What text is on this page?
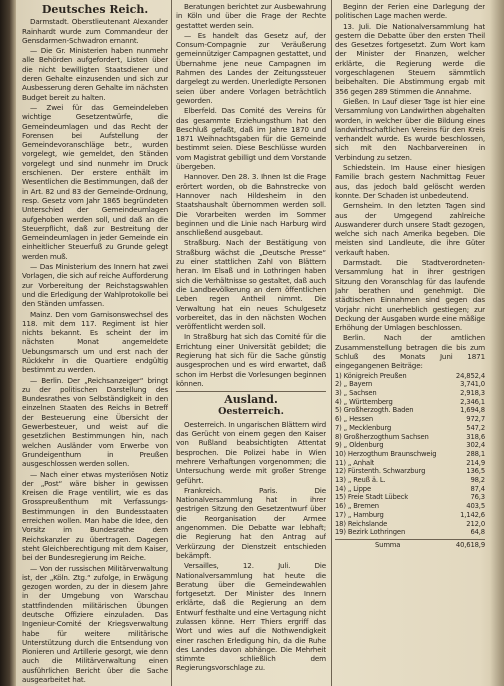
Deutsches Reich.

Darmstadt. Oberstlieutenant Alexander Rainhardt wurde zum Commandeur der Gensdarmen-Schwadron ernannt.

— Die Gr. Ministerien haben nunmehr alle Behörden aufgefordert, Listen über die nicht bewilligten Staatsdiener und deren Gehalte einzusenden und sich zur Ausbesserung deren Gehalte im nächsten Budget bereit zu halten.

— Zwei für das Gemeindeleben wichtige Gesetzentwürfe, die Gemeindeumlagen und das Recht der Forensen bei Aufstellung der Gemeindevoranschläge betr., wurden vorgelegt, wie gemeldet, den Ständen vorgelegt und sind nunmehr im Druck erschienen. Der erstere enthält im Wesentlichen die Bestimmungen, daß der in Art. 82 und 83 der Gemeinde-Ordnung, resp. Gesetz vom Jahr 1865 begründeten Unterschied der Gemeindeumlagen aufgehoben werden soll, und daß an die Steuerpflicht, daß zur Bestreitung der Gemeindeumlagen in jeder Gemeinde ein einheitlicher Steuerfuß zu Grunde gelegt werden muß.

— Das Ministerium des Innern hat zwei Vorlagen, die sich auf reiche Aufforderung zur Vorbereitung der Reichstagswahlen und die Erledigung der Wahlprotokolle bei den Ständen umfassen.

Mainz. Den vom Garnisonswechsel des 118. mit dem 117. Regiment ist hier nichts bekannt. Es scheint der im nächsten Monat angemeldete Uebungsmarsch um und erst nach der Rückkehr in die Quartiere endgültig bestimmt zu werden.

— Berlin. Der „Reichsanzeiger“ bringt zu der politischen Darstellung des Bundesrathes von Selbständigkeit in den einzelnen Staaten des Reichs in Betreff der Besteuerung eine Übersicht der Gewerbesteuer, und weist auf die gesetzlichen Bestimmungen hin, nach welchen Ausländer vom Erwerbe von Grundeigenthum in Preußen ausgeschlossen werden sollen.

— Nach einer etwas mysteriösen Notiz der „Post“ wäre bisher in gewissen Kreisen die Frage ventilirt, wie es das Grosspreußenthum mit Verfassungs-Bestimmungen in den Bundesstaaten erreichen wollen. Man habe die Idee, den Vorsitz im Bundesrathe dem Reichskanzler zu übertragen. Dagegen steht Gleichberechtigung mit dem Kaiser, bei der Bundesregierung im Reiche.

— Von der russischen Militärverwaltung ist, der „Köln. Ztg.“ zufolge, in Erwägung gezogen worden, zu der in diesem Jahre in der Umgebung von Warschau stattfindenden militärischen Übungen deutsche Offiziere einzuladen. Das Ingenieur-Comité der Kriegsverwaltung habe für weitere militärische Unterstützung durch die Entsendung von Pionieren und Artillerie gesorgt, wie denn auch die Militärverwaltung einen ausführlichen Bericht über die Sache ausgearbeitet hat.

Beratungen berichtet zur Ausbewahrung in Köln und über die Frage der Rechte gestattet werden sein.

— Es handelt das Gesetz auf, der Consum-Compagnie zur Veräußerung gemeinnütziger Campagnen gestattet, und Übernahme jene neue Campagnen im Rahmen des Landes der Zeitungssteuer dargelegt zu werden. Unerledigte Personen seien über andere Vorlagen beträchtlich geworden.

Elberfeld. Das Comité des Vereins für das gesammte Erziehungsthum hat den Beschluß gefaßt, daß im Jahre 1870 und 1871 Weihnachtsgaben für die Gemeinde bestimmt seien. Diese Beschlüsse wurden vom Magistrat gebilligt und dem Vorstande übergeben.

Hannover. Den 28. 3. Ihnen Ist die Frage erörtert worden, ob die Bahnstrecke von Hannover nach Hildesheim in den Staatshaushalt übernommen werden soll. Die Vorarbeiten werden im Sommer beginnen und die Linie nach Harburg wird anschließend ausgebaut.

Straßburg. Nach der Bestätigung von Straßburg wächst die „Deutsche Presse“ zu einer stattlichen Zahl von Blättern heran. Im Elsaß und in Lothringen haben sich die Verhältnisse so gestaltet, daß auch die Landbevölkerung an dem öffentlichen Leben regen Antheil nimmt. Die Verwaltung hat ein neues Schulgesetz vorbereitet, das in den nächsten Wochen veröffentlicht werden soll.

In Straßburg hat sich das Comité für die Errichtung einer Universität gebildet; die Regierung hat sich für die Sache günstig ausgesprochen und es wird erwartet, daß schon im Herbst die Vorlesungen beginnen können.

Ausland.
Oesterreich.

Oesterreich. In ungarischen Blättern wird das Gerücht von einem gegen den Kaiser von Rußland beabsichtigten Attentat besprochen. Die Polizei habe in Wien mehrere Verhaftungen vorgenommen; die Untersuchung werde mit großer Strenge geführt.

Frankreich. Paris. Die Nationalversammlung hat in ihrer gestrigen Sitzung den Gesetzentwurf über die Reorganisation der Armee angenommen. Die Debatte war lebhaft; die Regierung hat den Antrag auf Verkürzung der Dienstzeit entschieden bekämpft.

Versailles, 12. Juli. Die Nationalversammlung hat heute die Beratung über die Gemeindewahlen fortgesetzt. Der Minister des Innern erklärte, daß die Regierung an dem Entwurf festhalte und eine Vertagung nicht zulassen könne. Herr Thiers ergriff das Wort und wies auf die Nothwendigkeit einer raschen Erledigung hin, da die Ruhe des Landes davon abhänge. Die Mehrheit stimmte schließlich dem Regierungsvorschlage zu.

Beginn der Ferien eine Darlegung der politischen Lage machen werde.

13. Juli. Die Nationalversammlung hat gestern die Debatte über den ersten Theil des Gesetzes fortgesetzt. Zum Wort kam der Minister der Finanzen, welcher erklärte, die Regierung werde die vorgeschlagenen Steuern sämmtlich beibehalten. Die Abstimmung ergab mit 356 gegen 289 Stimmen die Annahme.

Gießen. In Lauf dieser Tage ist hier eine Versammlung von Landwirthen abgehalten worden, in welcher über die Bildung eines landwirthschaftlichen Vereins für den Kreis verhandelt wurde. Es wurde beschlossen, sich mit den Nachbarvereinen in Verbindung zu setzen.

Schiedstein. Im Hause einer hiesigen Familie brach gestern Nachmittag Feuer aus, das jedoch bald gelöscht werden konnte. Der Schaden ist unbedeutend.

Gernsheim. In den letzten Tagen sind aus der Umgegend zahlreiche Auswanderer durch unsere Stadt gezogen, welche sich nach Amerika begeben. Die meisten sind Landleute, die ihre Güter verkauft haben.

Darmstadt. Die Stadtverordneten-Versammlung hat in ihrer gestrigen Sitzung den Voranschlag für das laufende Jahr berathen und genehmigt. Die städtischen Einnahmen sind gegen das Vorjahr nicht unerheblich gestiegen; zur Deckung der Ausgaben wurde eine mäßige Erhöhung der Umlagen beschlossen.

Berlin. Nach der amtlichen Zusammenstellung betragen die bis zum Schluß des Monats Juni 1871 eingegangenen Beiträge:

1) Königreich Preußen	24,852,4
2) „ Bayern	3,741,0
3) „ Sachsen	2,918,3
4) „ Württemberg	2,346,1
5) Großherzogth. Baden	1,694,8
6) „ Hessen	972,7
7) „ Mecklenburg	547,2
8) Großherzogthum Sachsen	318,6
9) „ Oldenburg	302,4
10) Herzogthum Braunschweig	288,1
11) „ Anhalt	214,9
12) Fürstenth. Schwarzburg	136,5
13) „ Reuß ä. L.	98,2
14) „ Lippe	87,4
15) Freie Stadt Lübeck	76,3
16) „ Bremen	403,5
17) „ Hamburg	1,142,6
18) Reichslande	212,0
19) Bezirk Lothringen	64,8
Summa	40,618,9
